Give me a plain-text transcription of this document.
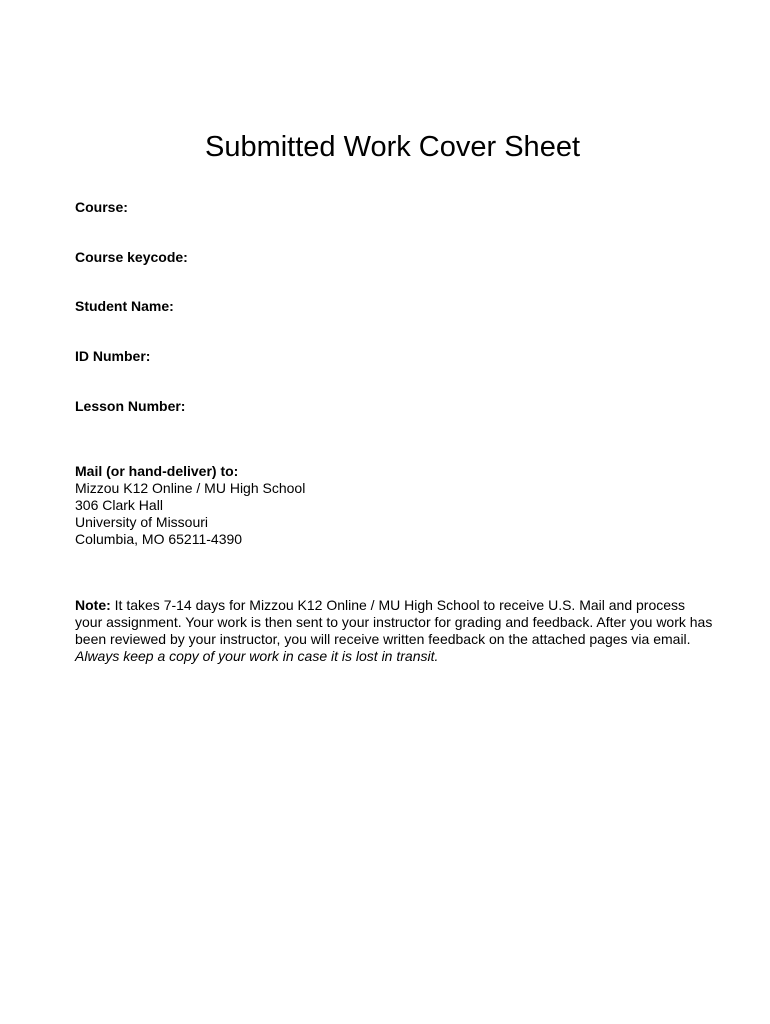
Submitted Work Cover Sheet

Course:

Course keycode:

Student Name:

ID Number:

Lesson Number:

Mail (or hand-deliver) to:
Mizzou K12 Online / MU High School
306 Clark Hall
University of Missouri
Columbia, MO 65211-4390

Note: It takes 7-14 days for Mizzou K12 Online / MU High School to receive U.S. Mail and process your assignment. Your work is then sent to your instructor for grading and feedback. After you work has been reviewed by your instructor, you will receive written feedback on the attached pages via email. Always keep a copy of your work in case it is lost in transit.
